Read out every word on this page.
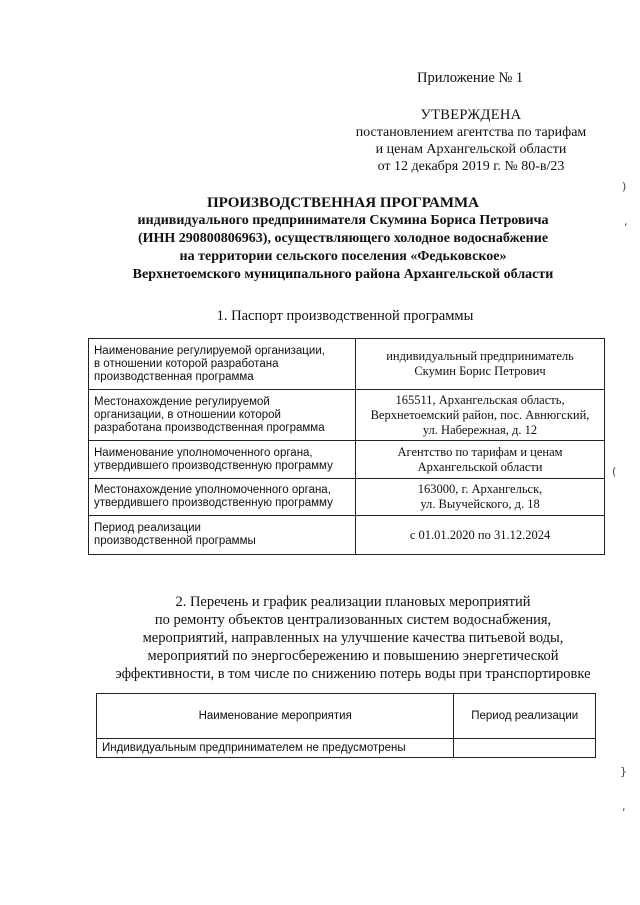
Приложение № 1
УТВЕРЖДЕНА
постановлением агентства по тарифам
и ценам Архангельской области
от 12 декабря 2019 г. № 80-в/23
ПРОИЗВОДСТВЕННАЯ ПРОГРАММА
индивидуального предпринимателя Скумина Бориса Петровича
(ИНН 290800806963), осуществляющего холодное водоснабжение
на территории сельского поселения «Федьковское»
Верхнетоемского муниципального района Архангельской области
1. Паспорт производственной программы
Наименование регулируемой организации,
в отношении которой разработана
производственная программа	индивидуальный предприниматель
Скумин Борис Петрович
Местонахождение регулируемой
организации, в отношении которой
разработана производственная программа	165511, Архангельская область,
Верхнетоемский район, пос. Авнюгский,
ул. Набережная, д. 12
Наименование уполномоченного органа,
утвердившего производственную программу	Агентство по тарифам и ценам
Архангельской области
Местонахождение уполномоченного органа,
утвердившего производственную программу	163000, г. Архангельск,
ул. Выучейского, д. 18
Период реализации
производственной программы	с 01.01.2020 по 31.12.2024
2. Перечень и график реализации плановых мероприятий
по ремонту объектов централизованных систем водоснабжения,
мероприятий, направленных на улучшение качества питьевой воды,
мероприятий по энергосбережению и повышению энергетической
эффективности, в том числе по снижению потерь воды при транспортировке
Наименование мероприятия	Период реализации
Индивидуальным предпринимателем не предусмотрены	
)
,
(
}
,
